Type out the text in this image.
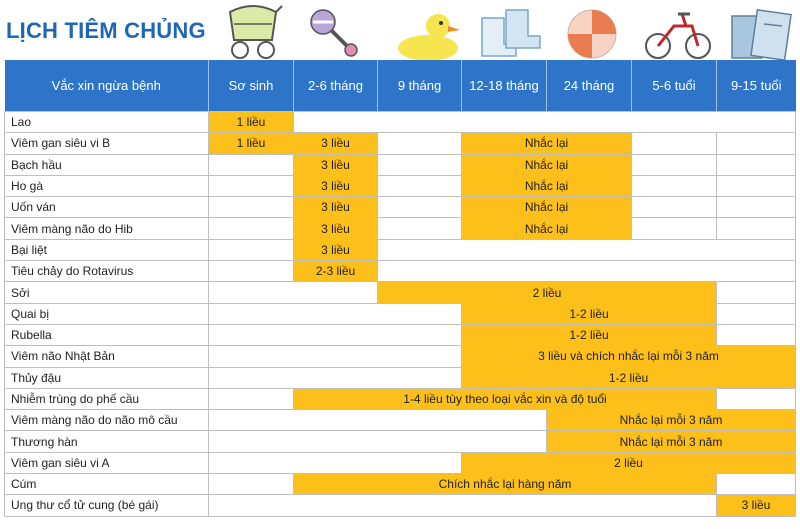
LỊCH TIÊM CHỦNG
Vắc xin ngừa bệnh	Sơ sinh	2-6 tháng	9 tháng	12-18 tháng	24 tháng	5-6 tuổi	9-15 tuổi
Lao	1 liều						
Viêm gan siêu vi B	1 liều	3 liều		Nhắc lại			
Bạch hầu		3 liều		Nhắc lại			
Ho gà		3 liều		Nhắc lại			
Uốn ván		3 liều		Nhắc lại			
Viêm màng não do Hib		3 liều		Nhắc lại			
Bại liệt		3 liều					
Tiêu chảy do Rotavirus		2-3 liều					
Sởi			2 liều				
Quai bị				1-2 liều			
Rubella				1-2 liều			
Viêm não Nhật Bản				3 liều và chích nhắc lại mỗi 3 năm			
Thủy đậu				1-2 liều			
Nhiễm trùng do phế cầu		1-4 liều tùy theo loại vắc xin và độ tuổi					
Viêm màng não do não mô cầu					Nhắc lại mỗi 3 năm		
Thương hàn					Nhắc lại mỗi 3 năm		
Viêm gan siêu vi A				2 liều			
Cúm		Chích nhắc lại hàng năm					
Ung thư cổ tử cung (bé gái)							3 liều
